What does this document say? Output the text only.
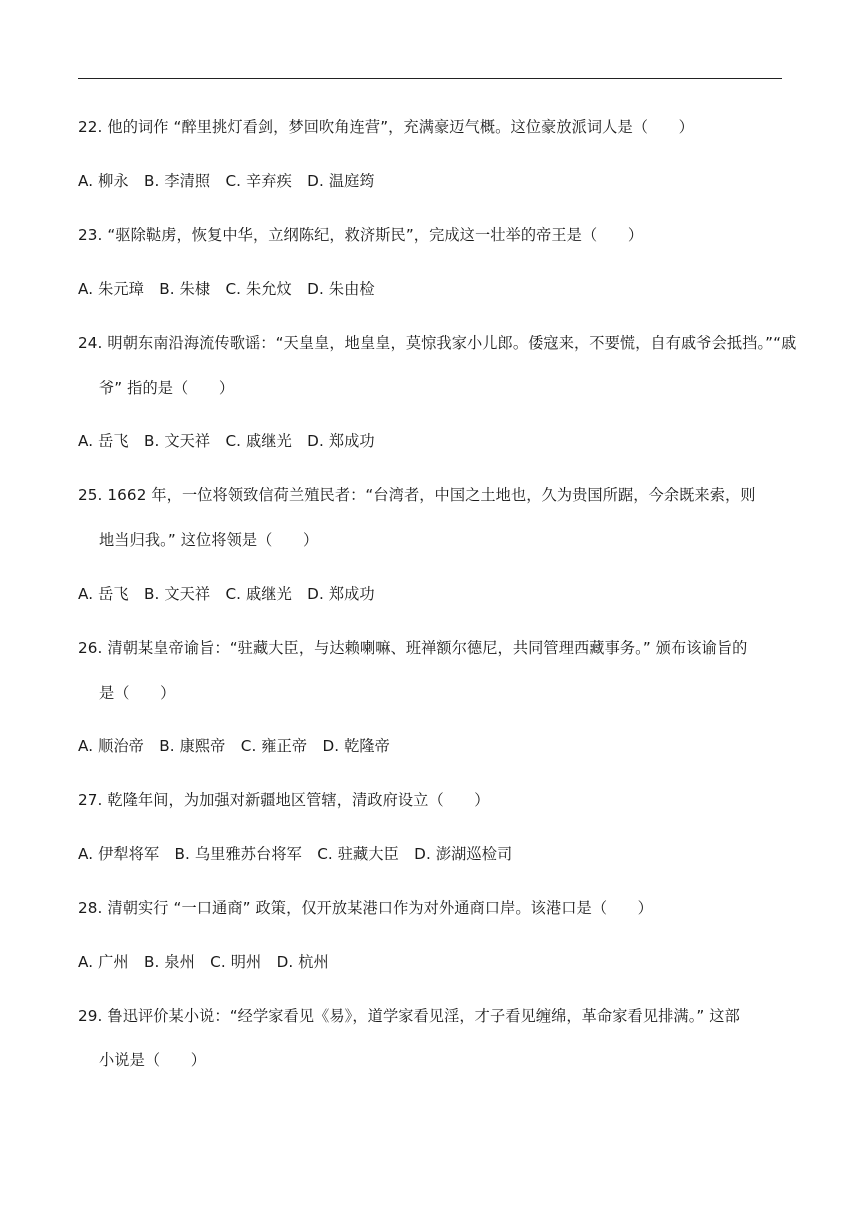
22. 他的词作 “醉里挑灯看剑，梦回吹角连营”，充满豪迈气概。这位豪放派词人是（　　）
A. 柳永　B. 李清照　C. 辛弃疾　D. 温庭筠
23. “驱除鞑虏，恢复中华，立纲陈纪，救济斯民”，完成这一壮举的帝王是（　　）
A. 朱元璋　B. 朱棣　C. 朱允炆　D. 朱由检
24. 明朝东南沿海流传歌谣：“天皇皇，地皇皇，莫惊我家小儿郎。倭寇来，不要慌，自有戚爷会抵挡。”“戚
爷” 指的是（　　）
A. 岳飞　B. 文天祥　C. 戚继光　D. 郑成功
25. 1662 年，一位将领致信荷兰殖民者：“台湾者，中国之土地也，久为贵国所踞，今余既来索，则
地当归我。” 这位将领是（　　）
A. 岳飞　B. 文天祥　C. 戚继光　D. 郑成功
26. 清朝某皇帝谕旨：“驻藏大臣，与达赖喇嘛、班禅额尔德尼，共同管理西藏事务。” 颁布该谕旨的
是（　　）
A. 顺治帝　B. 康熙帝　C. 雍正帝　D. 乾隆帝
27. 乾隆年间，为加强对新疆地区管辖，清政府设立（　　）
A. 伊犁将军　B. 乌里雅苏台将军　C. 驻藏大臣　D. 澎湖巡检司
28. 清朝实行 “一口通商” 政策，仅开放某港口作为对外通商口岸。该港口是（　　）
A. 广州　B. 泉州　C. 明州　D. 杭州
29. 鲁迅评价某小说：“经学家看见《易》，道学家看见淫，才子看见缠绵，革命家看见排满。” 这部
小说是（　　）
